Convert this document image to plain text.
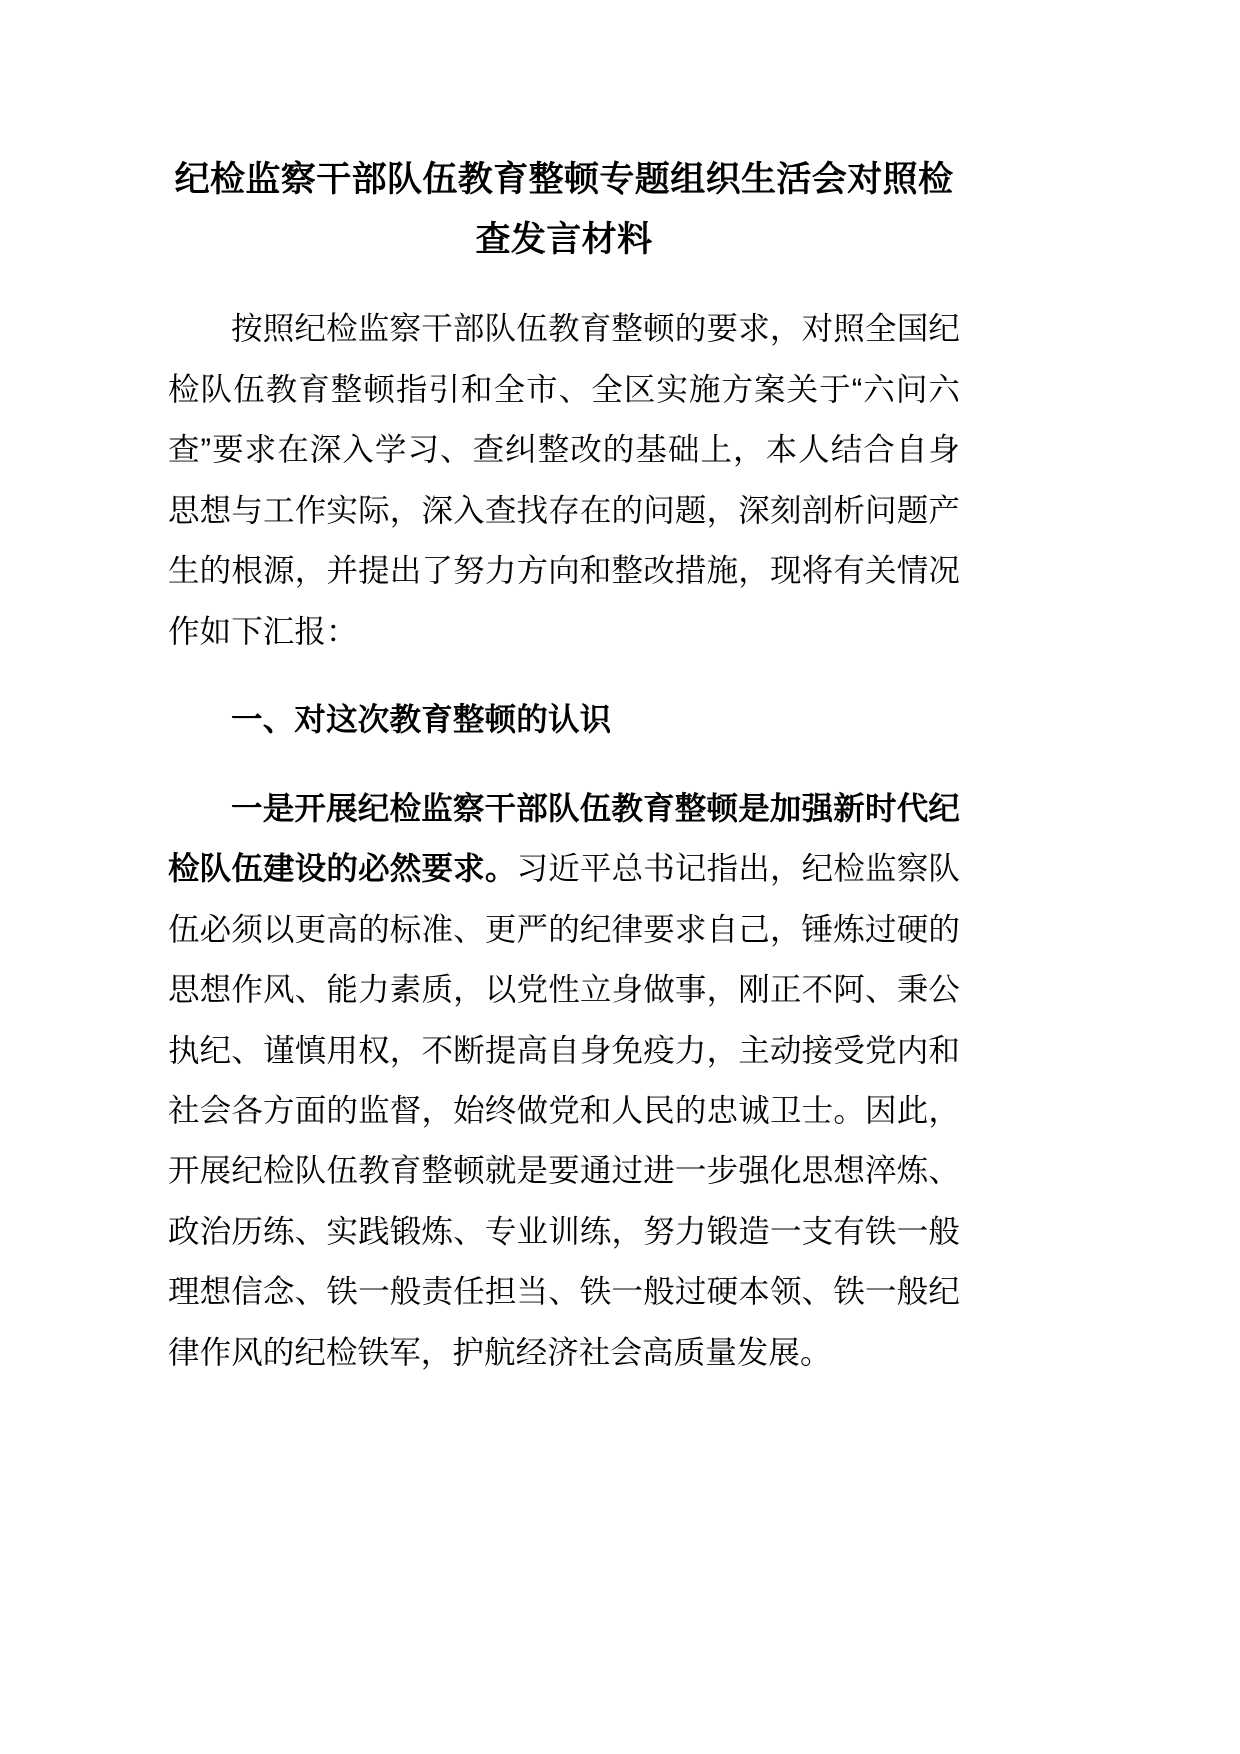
纪检监察干部队伍教育整顿专题组织生活会对照检查发言材料

按照纪检监察干部队伍教育整顿的要求，对照全国纪检队伍教育整顿指引和全市、全区实施方案关于“六问六查”要求在深入学习、查纠整改的基础上，本人结合自身思想与工作实际，深入查找存在的问题，深刻剖析问题产生的根源，并提出了努力方向和整改措施，现将有关情况作如下汇报：

一、对这次教育整顿的认识

一是开展纪检监察干部队伍教育整顿是加强新时代纪检队伍建设的必然要求。习近平总书记指出，纪检监察队伍必须以更高的标准、更严的纪律要求自己，锤炼过硬的思想作风、能力素质，以党性立身做事，刚正不阿、秉公执纪、谨慎用权，不断提高自身免疫力，主动接受党内和社会各方面的监督，始终做党和人民的忠诚卫士。因此，开展纪检队伍教育整顿就是要通过进一步强化思想淬炼、政治历练、实践锻炼、专业训练，努力锻造一支有铁一般理想信念、铁一般责任担当、铁一般过硬本领、铁一般纪律作风的纪检铁军，护航经济社会高质量发展。
